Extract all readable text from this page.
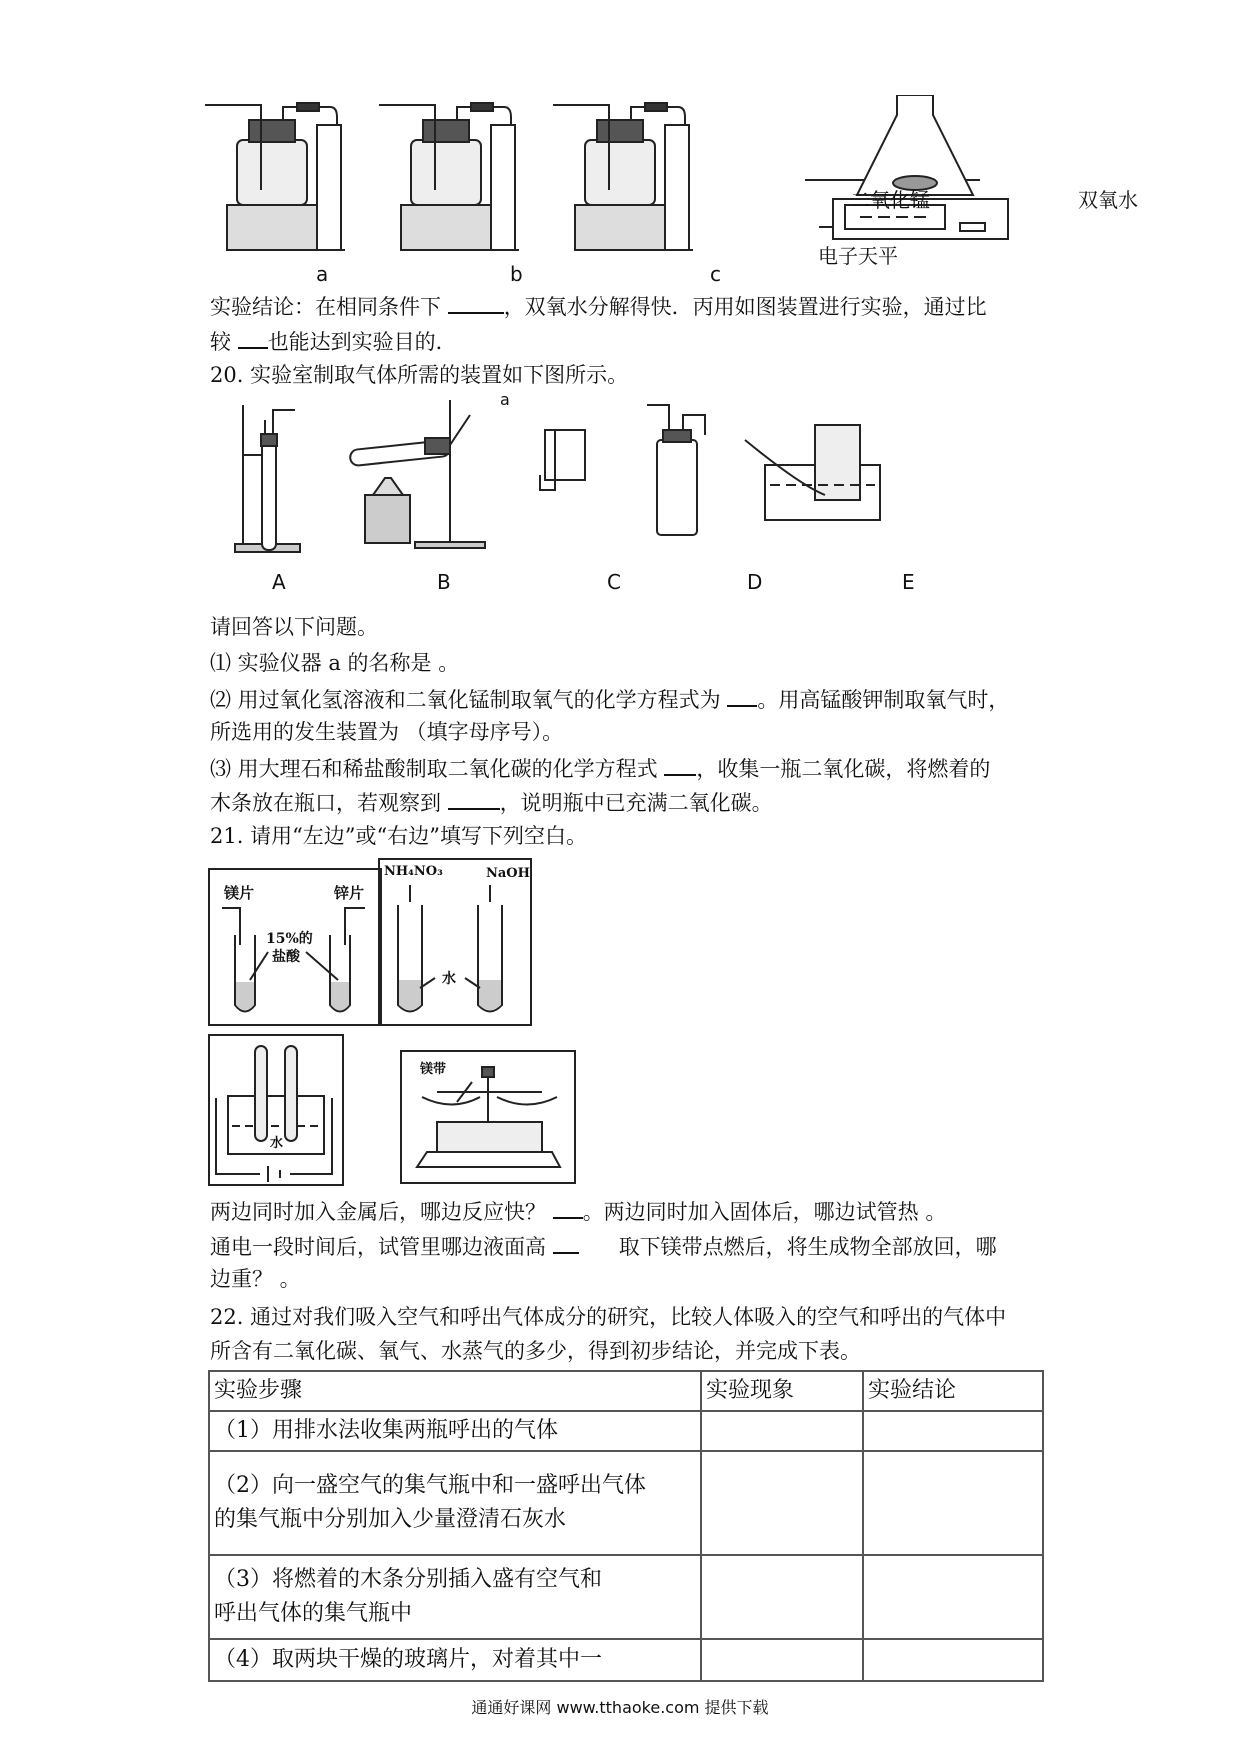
a	b	c
二氧化锰	双氧水
电子天平
实验结论：在相同条件下	，双氧水分解得快．丙用如图装置进行实验，通过比
较 也能达到实验目的．
20. 实验室制取气体所需的装置如下图所示。
a
A	B	C	D	E
请回答以下问题。
⑴ 实验仪器 a 的名称是 。
⑵ 用过氧化氢溶液和二氧化锰制取氧气的化学方程式为 。用高锰酸钾制取氧气时，
所选用的发生装置为 （填字母序号）。
⑶ 用大理石和稀盐酸制取二氧化碳的化学方程式 ，收集一瓶二氧化碳，将燃着的
木条放在瓶口，若观察到	，说明瓶中已充满二氧化碳。
21. 请用“左边”或“右边”填写下列空白。
镁片	锌片
15%的
盐酸
NH₄NO₃	NaOH
水
水
镁带
两边同时加入金属后，哪边反应快？ 。两边同时加入固体后，哪边试管热 。
通电一段时间后，试管里哪边液面高	取下镁带点燃后，将生成物全部放回，哪
边重？ 。
22. 通过对我们吸入空气和呼出气体成分的研究，比较人体吸入的空气和呼出的气体中
所含有二氧化碳、氧气、水蒸气的多少，得到初步结论，并完成下表。
实验步骤	实验现象	实验结论

（1）用排水法收集两瓶呼出的气体		

（2）向一盛空气的集气瓶中和一盛呼出气体
的集气瓶中分别加入少量澄清石灰水		

（3）将燃着的木条分别插入盛有空气和
呼出气体的集气瓶中		

（4）取两块干燥的玻璃片，对着其中一		

通通好课网 www.tthaoke.com 提供下载
